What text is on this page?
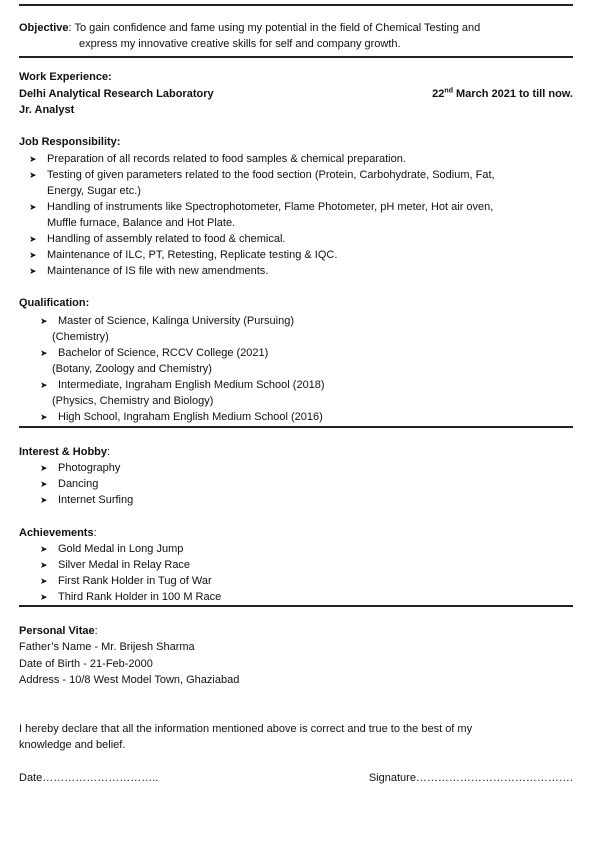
Objective: To gain confidence and fame using my potential in the field of Chemical Testing and
express my innovative creative skills for self and company growth.
Work Experience:
Delhi Analytical Research Laboratory	22nd March 2021 to till now.
Jr. Analyst
Job Responsibility:
➤ Preparation of all records related to food samples & chemical preparation.
➤ Testing of given parameters related to the food section (Protein, Carbohydrate, Sodium, Fat,
Energy, Sugar etc.)
➤ Handling of instruments like Spectrophotometer, Flame Photometer, pH meter, Hot air oven,
Muffle furnace, Balance and Hot Plate.
➤ Handling of assembly related to food & chemical.
➤ Maintenance of ILC, PT, Retesting, Replicate testing & IQC.
➤ Maintenance of IS file with new amendments.
Qualification:
➤ Master of Science, Kalinga University (Pursuing)
(Chemistry)
➤ Bachelor of Science, RCCV College (2021)
(Botany, Zoology and Chemistry)
➤ Intermediate, Ingraham English Medium School (2018)
(Physics, Chemistry and Biology)
➤ High School, Ingraham English Medium School (2016)
Interest & Hobby:
➤ Photography
➤ Dancing
➤ Internet Surfing
Achievements:
➤ Gold Medal in Long Jump
➤ Silver Medal in Relay Race
➤ First Rank Holder in Tug of War
➤ Third Rank Holder in 100 M Race
Personal Vitae:
Father’s Name - Mr. Brijesh Sharma
Date of Birth - 21-Feb-2000
Address - 10/8 West Model Town, Ghaziabad
I hereby declare that all the information mentioned above is correct and true to the best of my
knowledge and belief.
Date…………………………..	Signature…………………………………….
